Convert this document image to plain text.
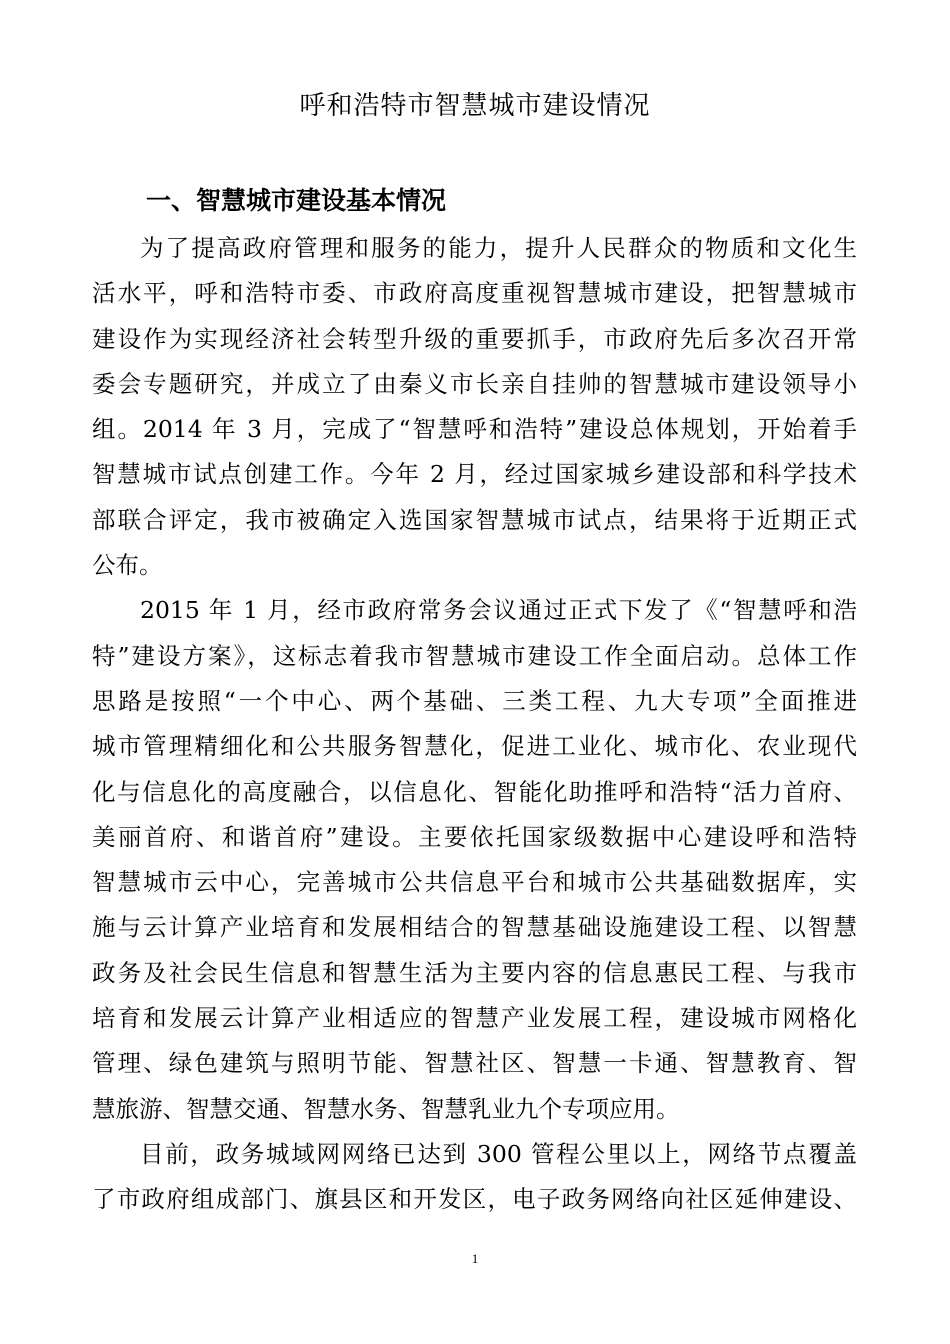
呼和浩特市智慧城市建设情况
一、智慧城市建设基本情况
为了提高政府管理和服务的能力，提升人民群众的物质和文化生
活水平，呼和浩特市委、市政府高度重视智慧城市建设，把智慧城市
建设作为实现经济社会转型升级的重要抓手，市政府先后多次召开常
委会专题研究，并成立了由秦义市长亲自挂帅的智慧城市建设领导小
组。2014 年 3 月，完成了“智慧呼和浩特”建设总体规划，开始着手
智慧城市试点创建工作。今年 2 月，经过国家城乡建设部和科学技术
部联合评定，我市被确定入选国家智慧城市试点，结果将于近期正式
公布。
2015 年 1 月，经市政府常务会议通过正式下发了《“智慧呼和浩
特”建设方案》，这标志着我市智慧城市建设工作全面启动。总体工作
思路是按照“一个中心、两个基础、三类工程、九大专项”全面推进
城市管理精细化和公共服务智慧化，促进工业化、城市化、农业现代
化与信息化的高度融合，以信息化、智能化助推呼和浩特“活力首府、
美丽首府、和谐首府”建设。主要依托国家级数据中心建设呼和浩特
智慧城市云中心，完善城市公共信息平台和城市公共基础数据库，实
施与云计算产业培育和发展相结合的智慧基础设施建设工程、以智慧
政务及社会民生信息和智慧生活为主要内容的信息惠民工程、与我市
培育和发展云计算产业相适应的智慧产业发展工程，建设城市网格化
管理、绿色建筑与照明节能、智慧社区、智慧一卡通、智慧教育、智
慧旅游、智慧交通、智慧水务、智慧乳业九个专项应用。
目前，政务城域网网络已达到 300 管程公里以上，网络节点覆盖
了市政府组成部门、旗县区和开发区，电子政务网络向社区延伸建设、
1
